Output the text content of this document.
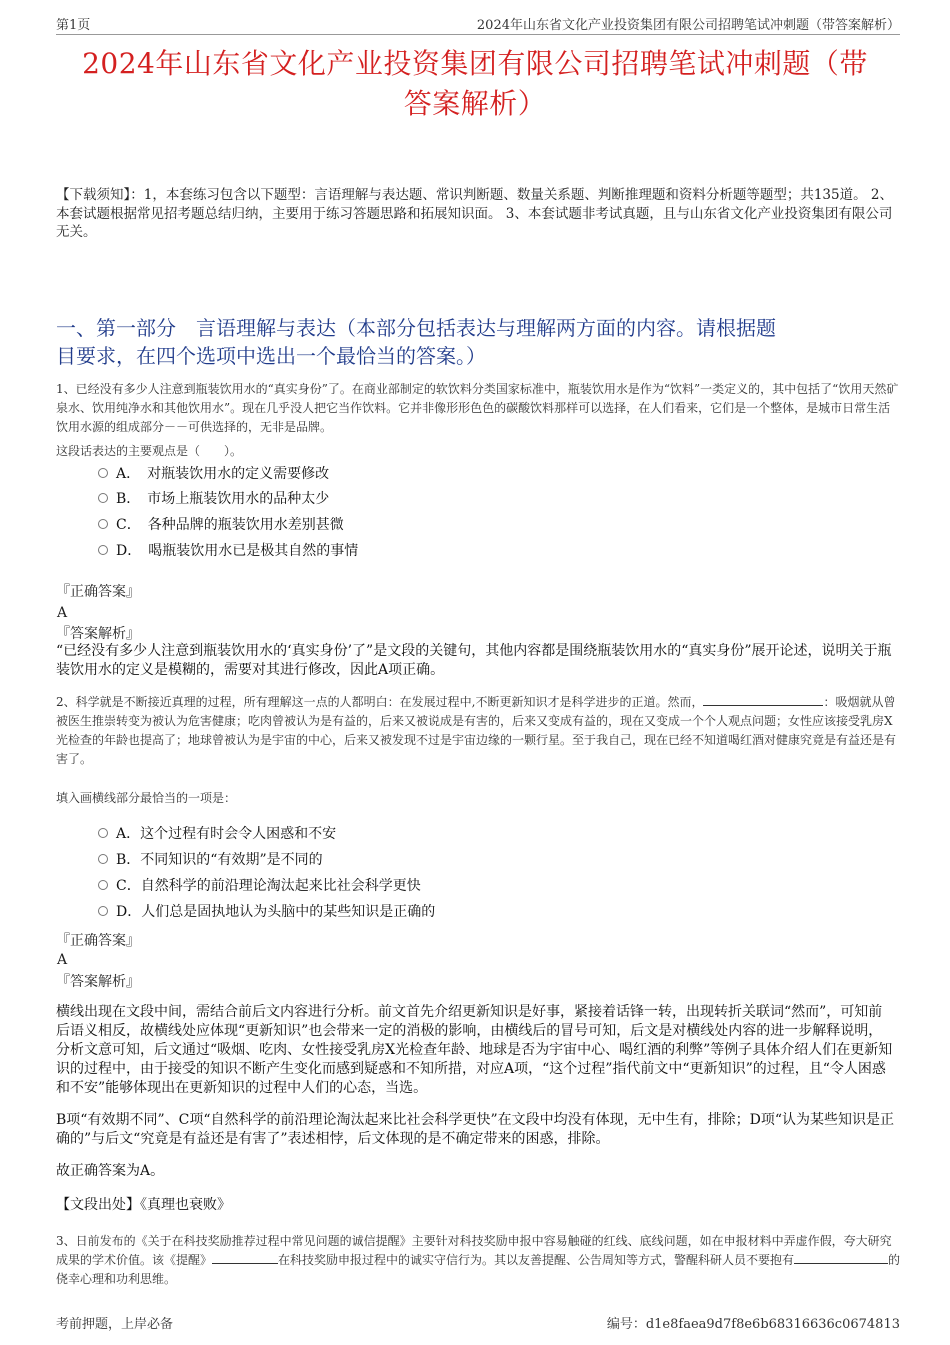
第1页	2024年山东省文化产业投资集团有限公司招聘笔试冲刺题（带答案解析）
2024年山东省文化产业投资集团有限公司招聘笔试冲刺题（带
答案解析）
【下载须知】：1，本套练习包含以下题型：言语理解与表达题、常识判断题、数量关系题、判断推理题和资料分析题等题型；共135道。 2、本套试题根据常见招考题总结归纳，主要用于练习答题思路和拓展知识面。 3、本套试题非考试真题，且与山东省文化产业投资集团有限公司无关。
一、第一部分　言语理解与表达（本部分包括表达与理解两方面的内容。请根据题
目要求，在四个选项中选出一个最恰当的答案。）
1、已经没有多少人注意到瓶装饮用水的“真实身份”了。在商业部制定的软饮料分类国家标准中，瓶装饮用水是作为“饮料”一类定义的，其中包括了“饮用天然矿泉水、饮用纯净水和其他饮用水”。现在几乎没人把它当作饮料。它并非像形形色色的碳酸饮料那样可以选择，在人们看来，它们是一个整体，是城市日常生活饮用水源的组成部分－－可供选择的，无非是品牌。
这段话表达的主要观点是（　　）。
A．　对瓶装饮用水的定义需要修改
B．　市场上瓶装饮用水的品种太少
C．　各种品牌的瓶装饮用水差别甚微
D．　喝瓶装饮用水已是极其自然的事情
『正确答案』
A
『答案解析』
“已经没有多少人注意到瓶装饮用水的‘真实身份’了”是文段的关键句，其他内容都是围绕瓶装饮用水的“真实身份”展开论述，说明关于瓶装饮用水的定义是模糊的，需要对其进行修改，因此A项正确。
2、科学就是不断接近真理的过程，所有理解这一点的人都明白：在发展过程中,不断更新知识才是科学进步的正道。然而，	：吸烟就从曾被医生推崇转变为被认为危害健康；吃肉曾被认为是有益的，后来又被说成是有害的，后来又变成有益的，现在又变成一个个人观点问题；女性应该接受乳房X光检查的年龄也提高了；地球曾被认为是宇宙的中心，后来又被发现不过是宇宙边缘的一颗行星。至于我自己，现在已经不知道喝红酒对健康究竟是有益还是有害了。
填入画横线部分最恰当的一项是：
A．这个过程有时会令人困惑和不安
B．不同知识的“有效期”是不同的
C．自然科学的前沿理论淘汰起来比社会科学更快
D．人们总是固执地认为头脑中的某些知识是正确的
『正确答案』
A
『答案解析』
横线出现在文段中间，需结合前后文内容进行分析。前文首先介绍更新知识是好事，紧接着话锋一转，出现转折关联词“然而”，可知前后语义相反，故横线处应体现“更新知识”也会带来一定的消极的影响，由横线后的冒号可知，后文是对横线处内容的进一步解释说明，分析文意可知，后文通过“吸烟、吃肉、女性接受乳房X光检查年龄、地球是否为宇宙中心、喝红酒的利弊”等例子具体介绍人们在更新知识的过程中，由于接受的知识不断产生变化而感到疑惑和不知所措，对应A项，“这个过程”指代前文中“更新知识”的过程，且“令人困惑和不安”能够体现出在更新知识的过程中人们的心态，当选。
B项“有效期不同”、C项“自然科学的前沿理论淘汰起来比社会科学更快”在文段中均没有体现，无中生有，排除；D项“认为某些知识是正确的”与后文“究竟是有益还是有害了”表述相悖，后文体现的是不确定带来的困惑，排除。
故正确答案为A。
【文段出处】《真理也衰败》
3、日前发布的《关于在科技奖励推荐过程中常见问题的诚信提醒》主要针对科技奖励申报中容易触碰的红线、底线问题，如在申报材料中弄虚作假，夸大研究成果的学术价值。该《提醒》	在科技奖励申报过程中的诚实守信行为。其以友善提醒、公告周知等方式，警醒科研人员不要抱有	的侥幸心理和功利思维。
考前押题，上岸必备	编号：d1e8faea9d7f8e6b68316636c0674813
